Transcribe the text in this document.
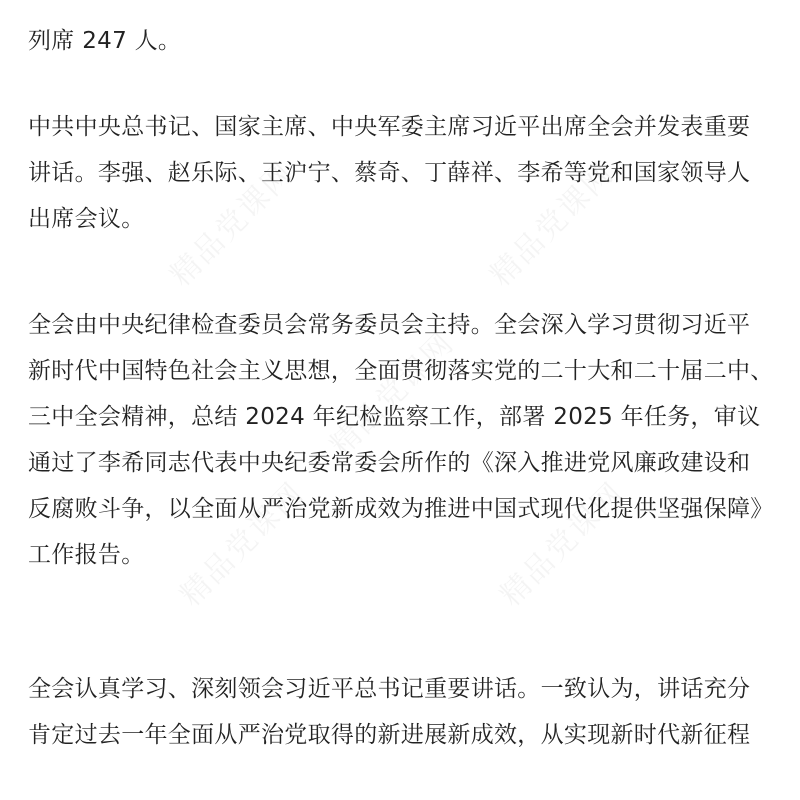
列席 247 人。

中共中央总书记、国家主席、中央军委主席习近平出席全会并发表重要
讲话。李强、赵乐际、王沪宁、蔡奇、丁薛祥、李希等党和国家领导人
出席会议。

全会由中央纪律检查委员会常务委员会主持。全会深入学习贯彻习近平
新时代中国特色社会主义思想，全面贯彻落实党的二十大和二十届二中、
三中全会精神，总结 2024 年纪检监察工作，部署 2025 年任务，审议
通过了李希同志代表中央纪委常委会所作的《深入推进党风廉政建设和
反腐败斗争，以全面从严治党新成效为推进中国式现代化提供坚强保障》
工作报告。

全会认真学习、深刻领会习近平总书记重要讲话。一致认为，讲话充分
肯定过去一年全面从严治党取得的新进展新成效，从实现新时代新征程
